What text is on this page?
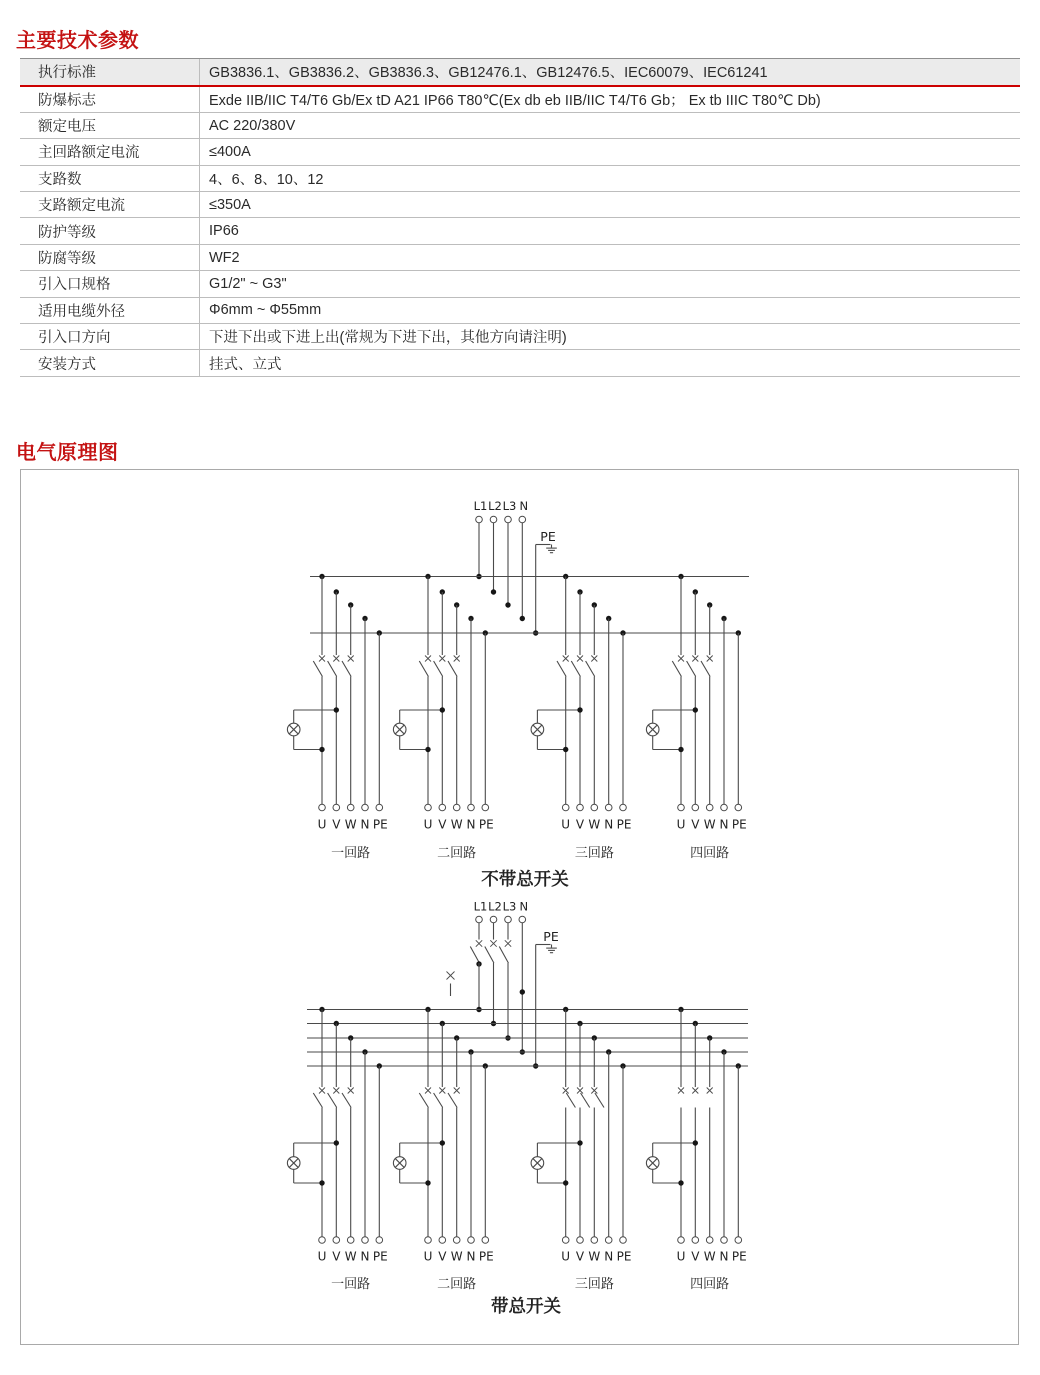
主要技术参数
执行标准	GB3836.1、GB3836.2、GB3836.3、GB12476.1、GB12476.5、IEC60079、IEC61241
防爆标志	Exde IIB/IIC T4/T6 Gb/Ex tD A21 IP66 T80℃(Ex db eb IIB/IIC T4/T6 Gb； Ex tb IIIC T80℃ Db)
额定电压	AC 220/380V
主回路额定电流	≤400A
支路数	4、6、8、10、12
支路额定电流	≤350A
防护等级	IP66
防腐等级	WF2
引入口规格	G1/2" ~ G3"
适用电缆外径	Φ6mm ~ Φ55mm
引入口方向	下进下出或下进上出(常规为下进下出，其他方向请注明)
安装方式	挂式、立式
电气原理图
L1 L2 L3 N
PE
U V W N PE
一回路
U V W N PE
二回路
U V W N PE
三回路
U V W N PE
四回路
不带总开关
L1 L2 L3 N
PE
U V W N PE
一回路
U V W N PE
二回路
U V W N PE
三回路
U V W N PE
四回路
带总开关
